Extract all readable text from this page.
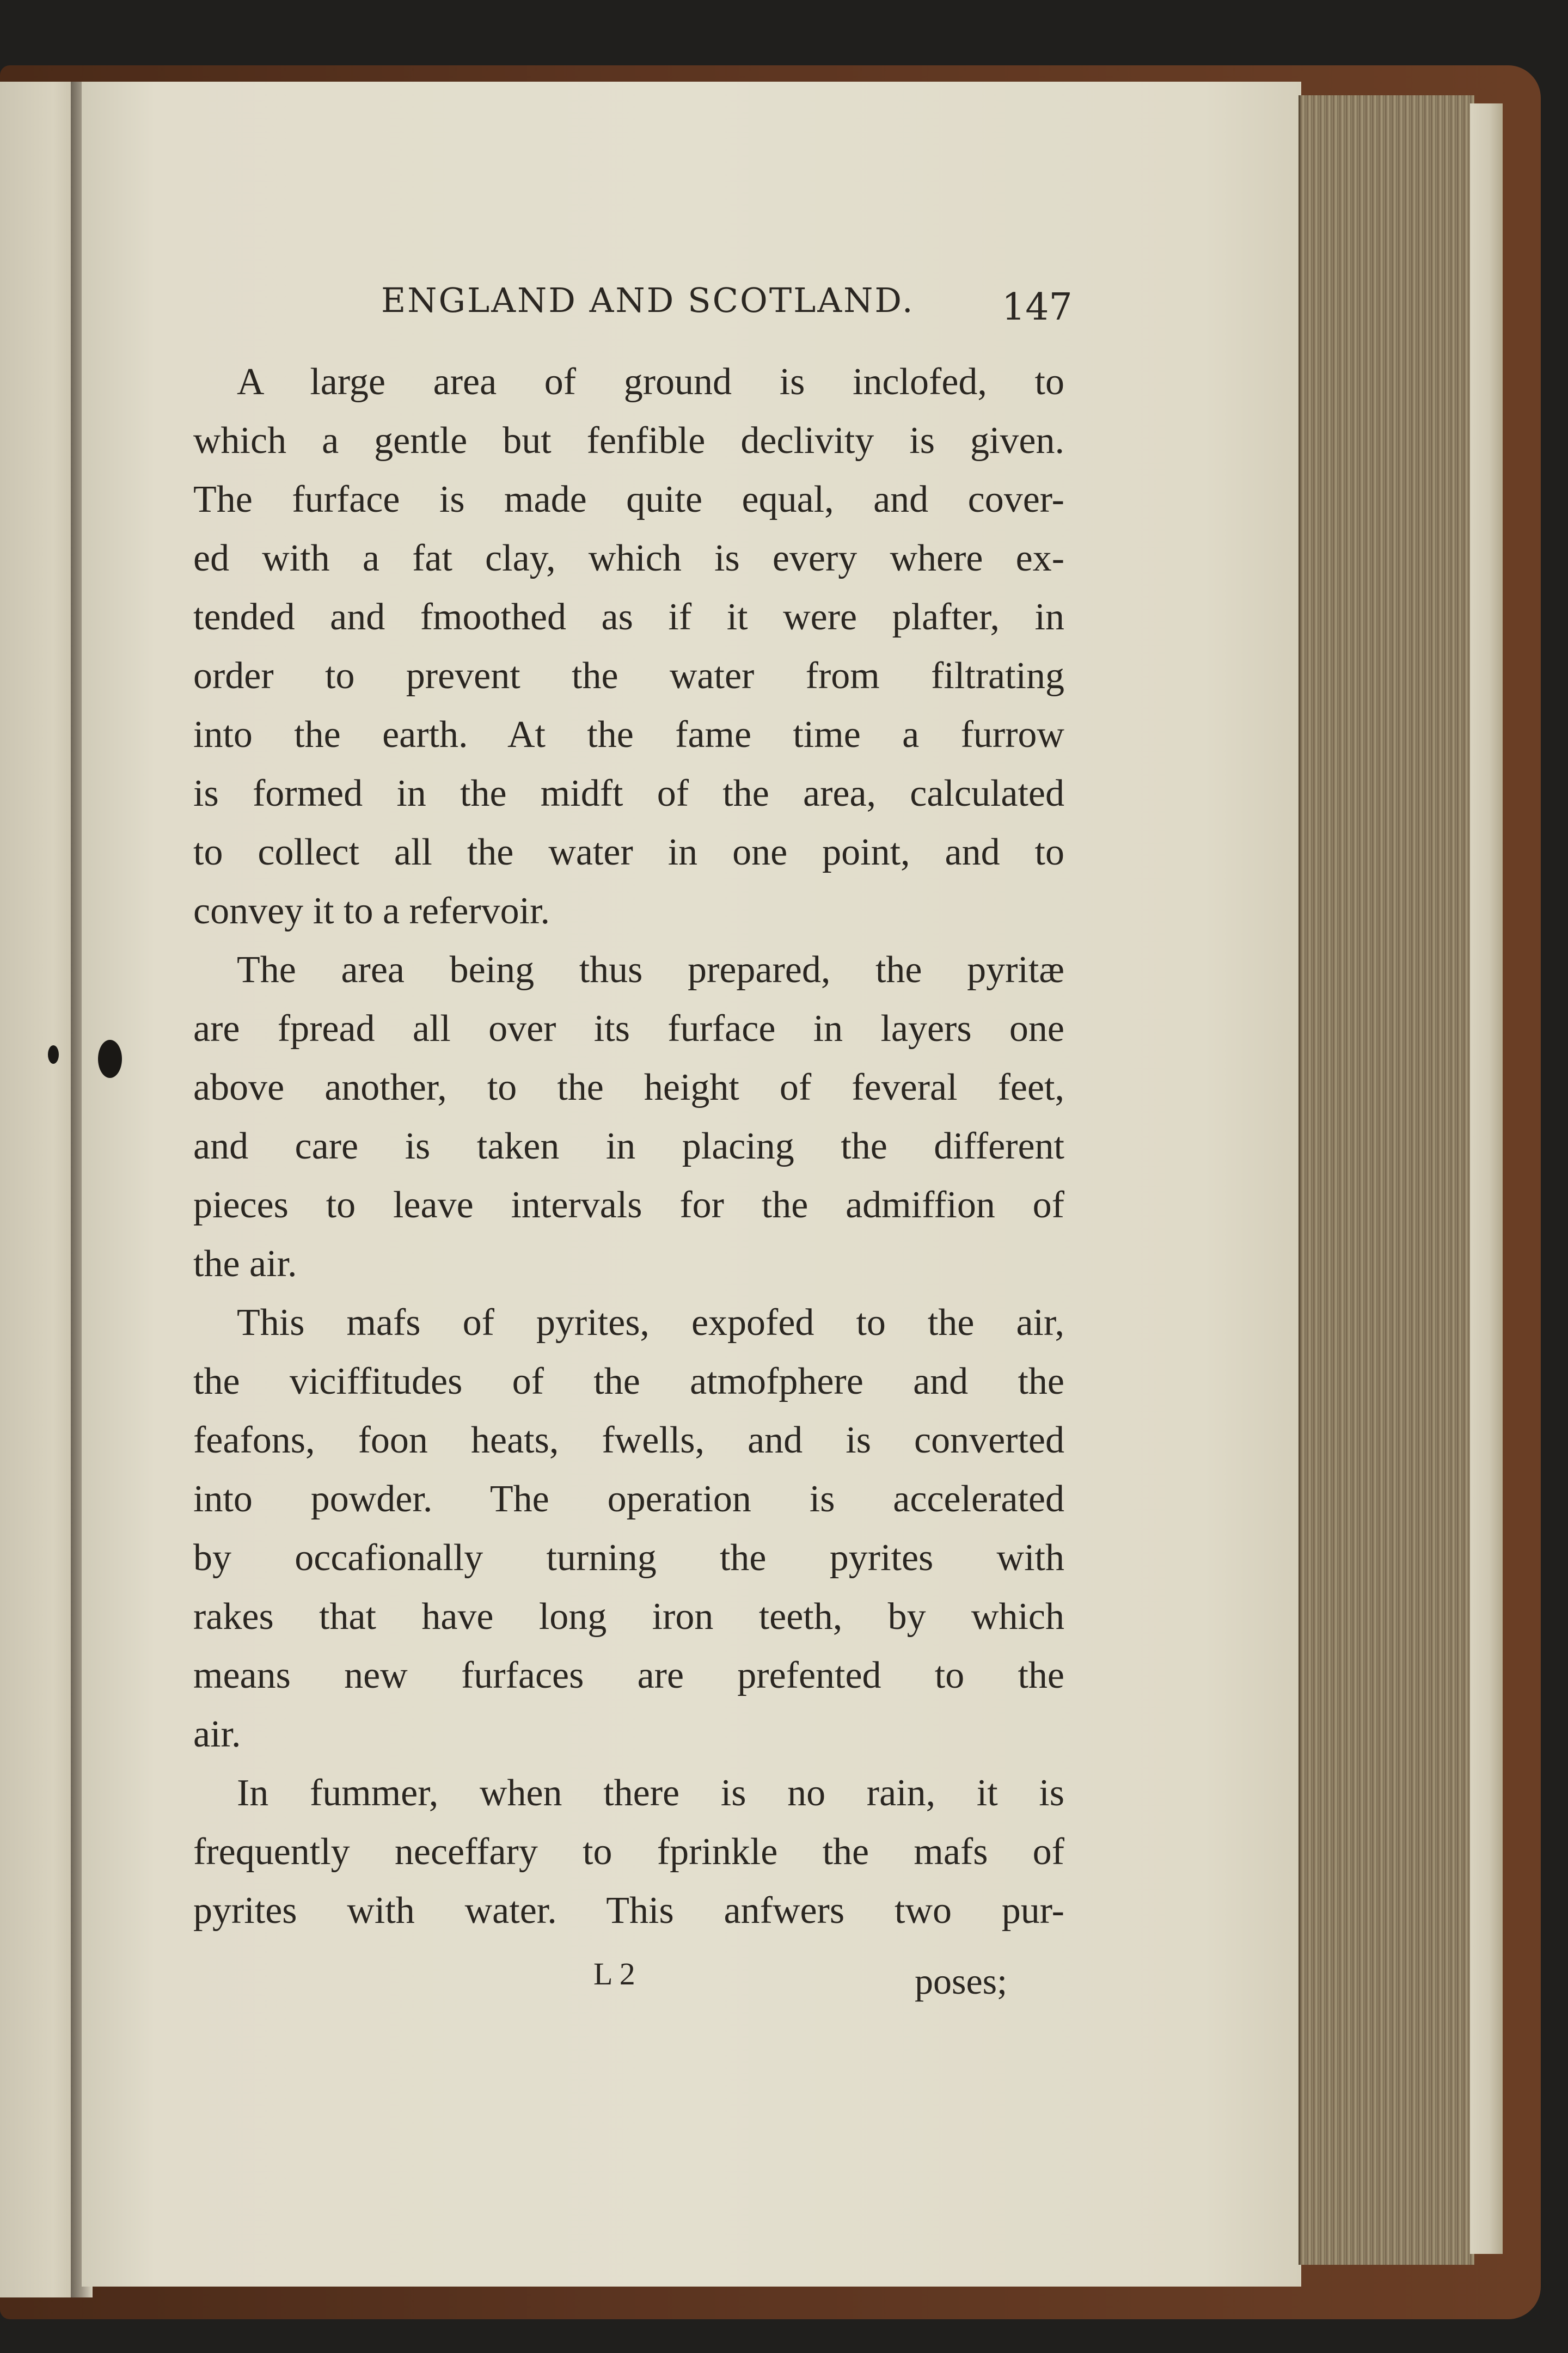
ENGLAND AND SCOTLAND.	147
A large area of ground is inclofed, to
which a gentle but fenfible declivity is given.
The furface is made quite equal, and cover-
ed with a fat clay, which is every where ex-
tended and fmoothed as if it were plafter, in
order to prevent the water from filtrating
into the earth. At the fame time a furrow
is formed in the midft of the area, calculated
to collect all the water in one point, and to
convey it to a refervoir.
The area being thus prepared, the pyritæ
are fpread all over its furface in layers one
above another, to the height of feveral feet,
and care is taken in placing the different
pieces to leave intervals for the admiffion of
the air.
This mafs of pyrites, expofed to the air,
the viciffitudes of the atmofphere and the
feafons, foon heats, fwells, and is converted
into powder. The operation is accelerated
by occafionally turning the pyrites with
rakes that have long iron teeth, by which
means new furfaces are prefented to the
air.
In fummer, when there is no rain, it is
frequently neceffary to fprinkle the mafs of
pyrites with water. This anfwers two pur-
L 2	poses;
